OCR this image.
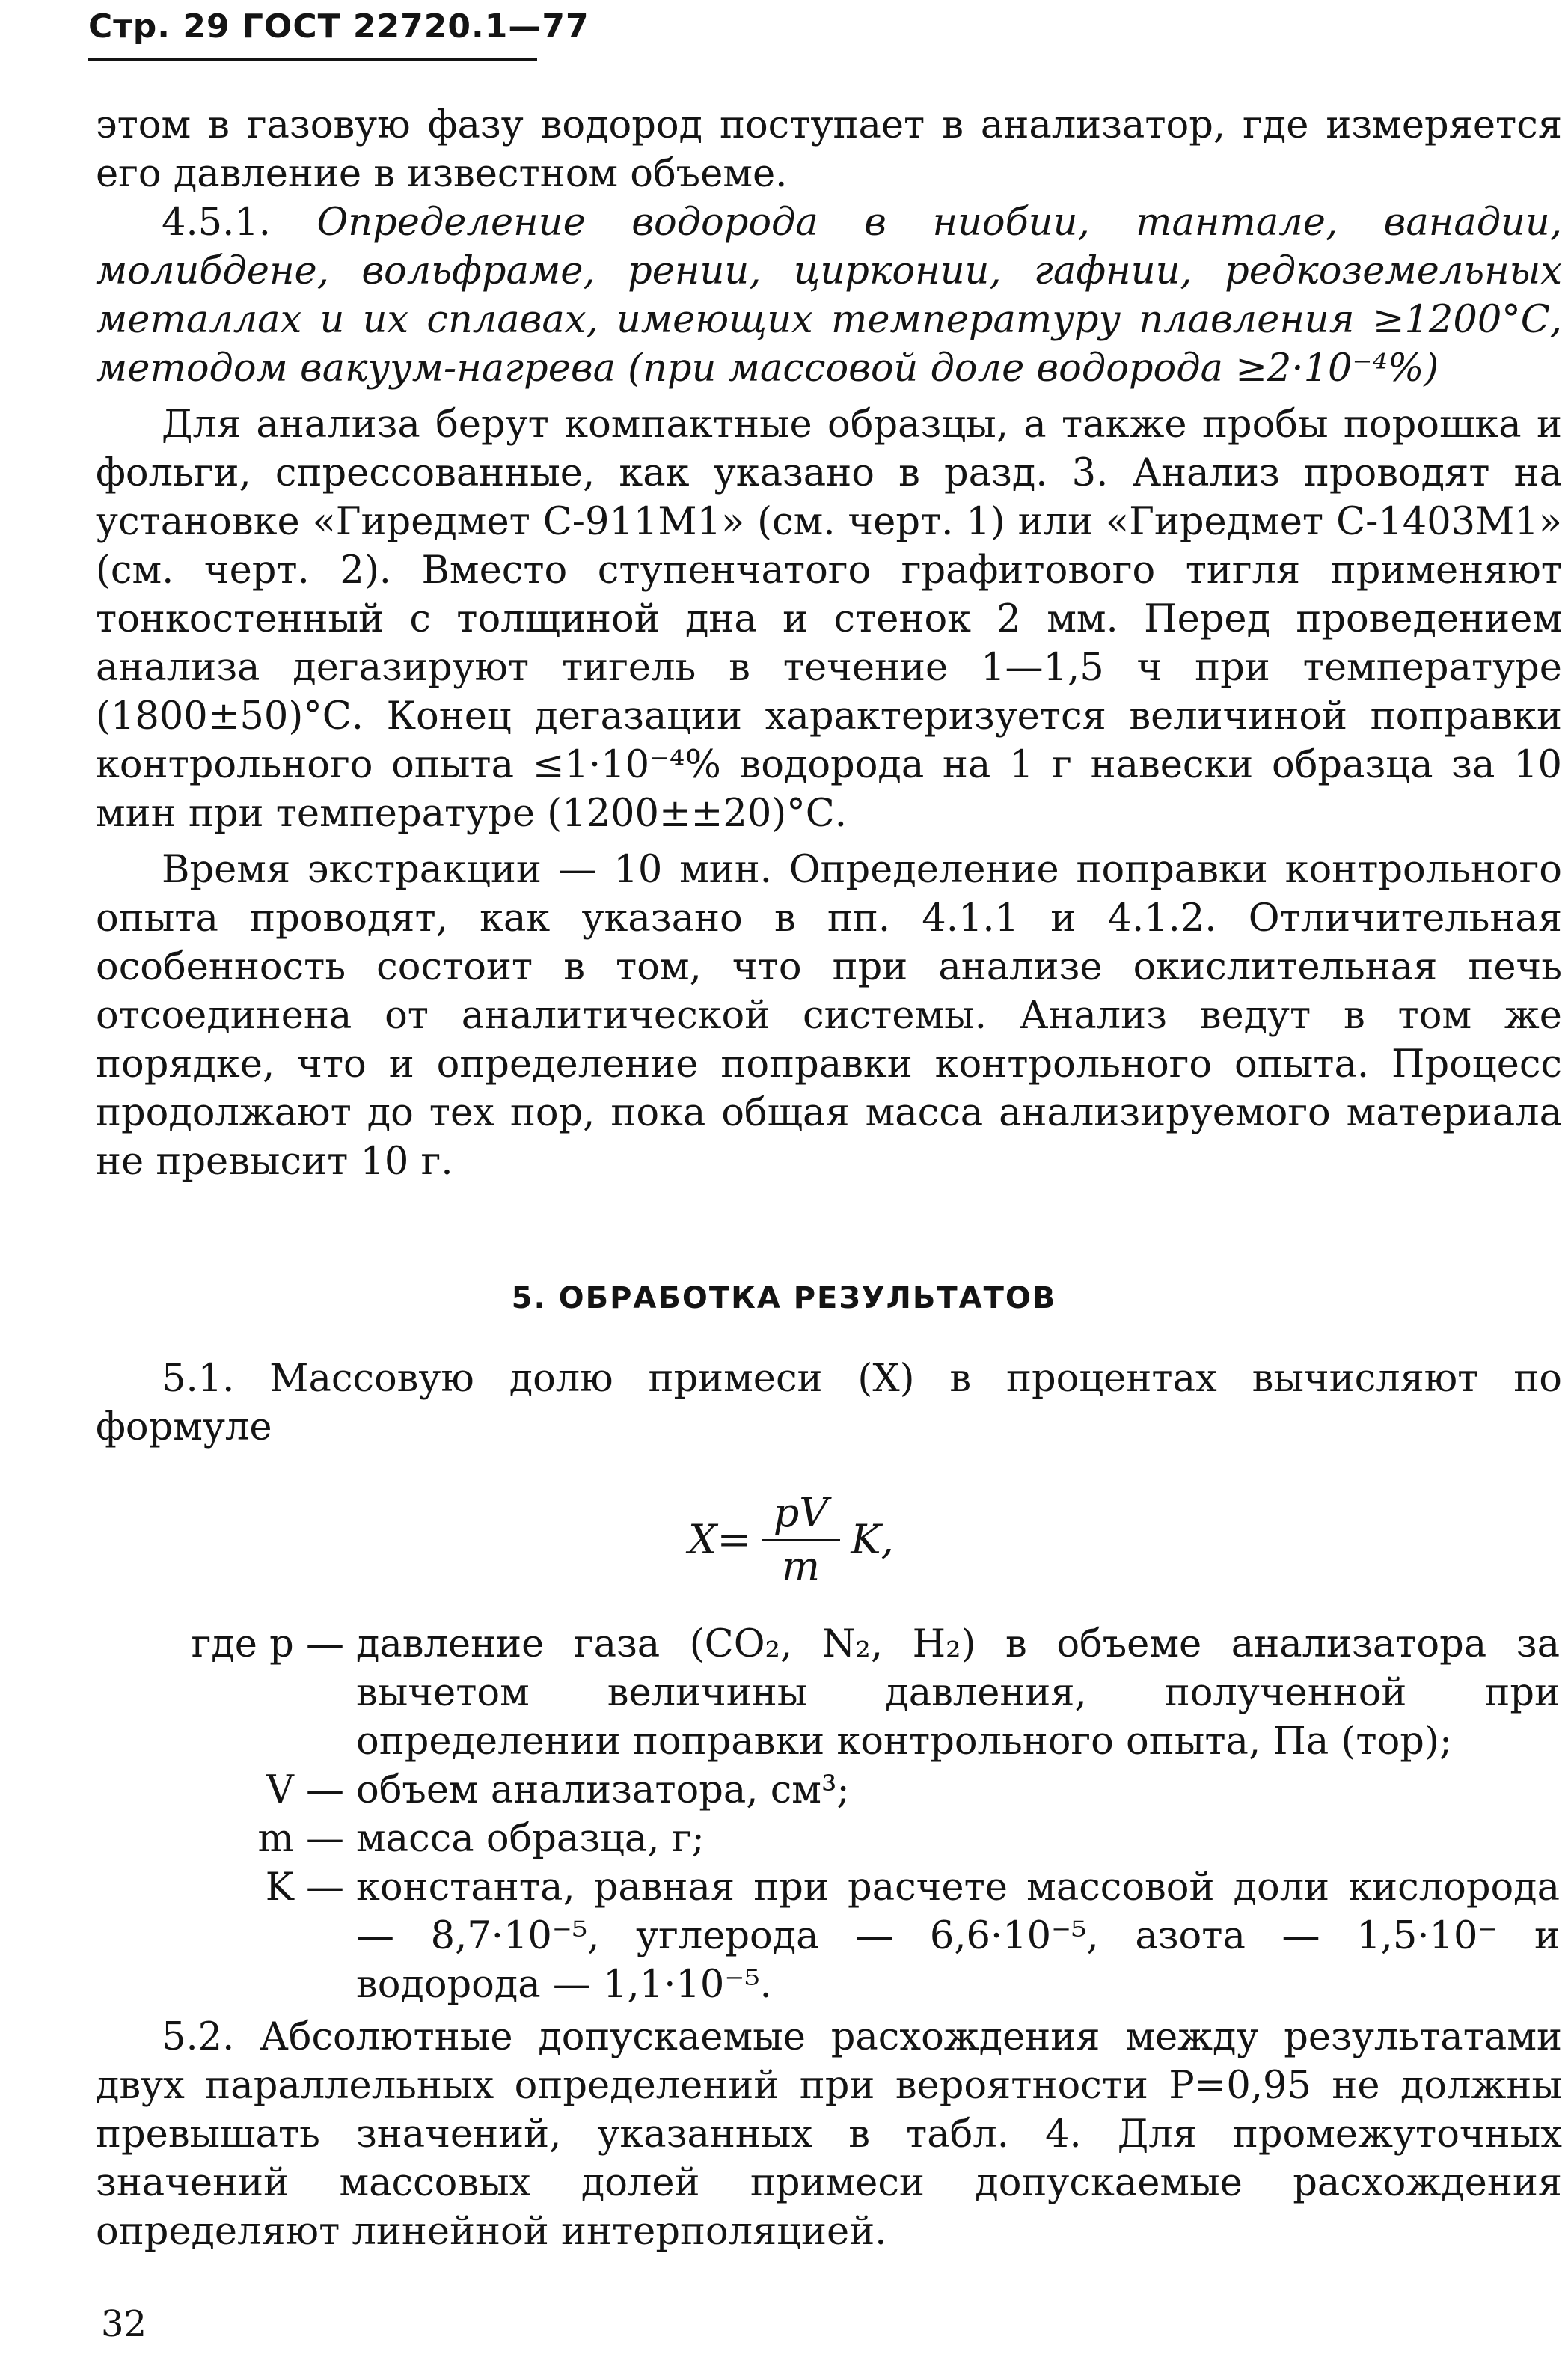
Стр. 29 ГОСТ 22720.1—77

этом в газовую фазу водород поступает в анализатор, где измеряется его давление в известном объеме.

4.5.1. Определение водорода в ниобии, тантале, ванадии, молибдене, вольфраме, рении, цирконии, гафнии, редкоземельных металлах и их сплавах, имеющих температуру плавления ≥1200°С, методом вакуум-нагрева (при массовой доле водорода ≥2·10⁻⁴%)

Для анализа берут компактные образцы, а также пробы порошка и фольги, спрессованные, как указано в разд. 3. Анализ проводят на установке «Гиредмет С-911М1» (см. черт. 1) или «Гиредмет С-1403М1» (см. черт. 2). Вместо ступенчатого графитового тигля применяют тонкостенный с толщиной дна и стенок 2 мм. Перед проведением анализа дегазируют тигель в течение 1—1,5 ч при температуре (1800±50)°С. Конец дегазации характеризуется величиной поправки контрольного опыта ≤1·10⁻⁴% водорода на 1 г навески образца за 10 мин при температуре (1200±±20)°С.

Время экстракции — 10 мин. Определение поправки контрольного опыта проводят, как указано в пп. 4.1.1 и 4.1.2. Отличительная особенность состоит в том, что при анализе окислительная печь отсоединена от аналитической системы. Анализ ведут в том же порядке, что и определение поправки контрольного опыта. Процесс продолжают до тех пор, пока общая масса анализируемого материала не превысит 10 г.

5. ОБРАБОТКА РЕЗУЛЬТАТОВ

5.1. Массовую долю примеси (X) в процентах вычисляют по формуле

$X= \frac{pV}{m} K$,
где p — давление газа (CO₂, N₂, H₂) в объеме анализатора за вычетом величины давления, полученной при определении поправки контрольного опыта, Па (тор);
V — объем анализатора, см³;
m — масса образца, г;
K — константа, равная при расчете массовой доли кислорода — 8,7·10⁻⁵, углерода — 6,6·10⁻⁵, азота — 1,5·10⁻ и водорода — 1,1·10⁻⁵.

5.2. Абсолютные допускаемые расхождения между результатами двух параллельных определений при вероятности P=0,95 не должны превышать значений, указанных в табл. 4. Для промежуточных значений массовых долей примеси допускаемые расхождения определяют линейной интерполяцией.

32
